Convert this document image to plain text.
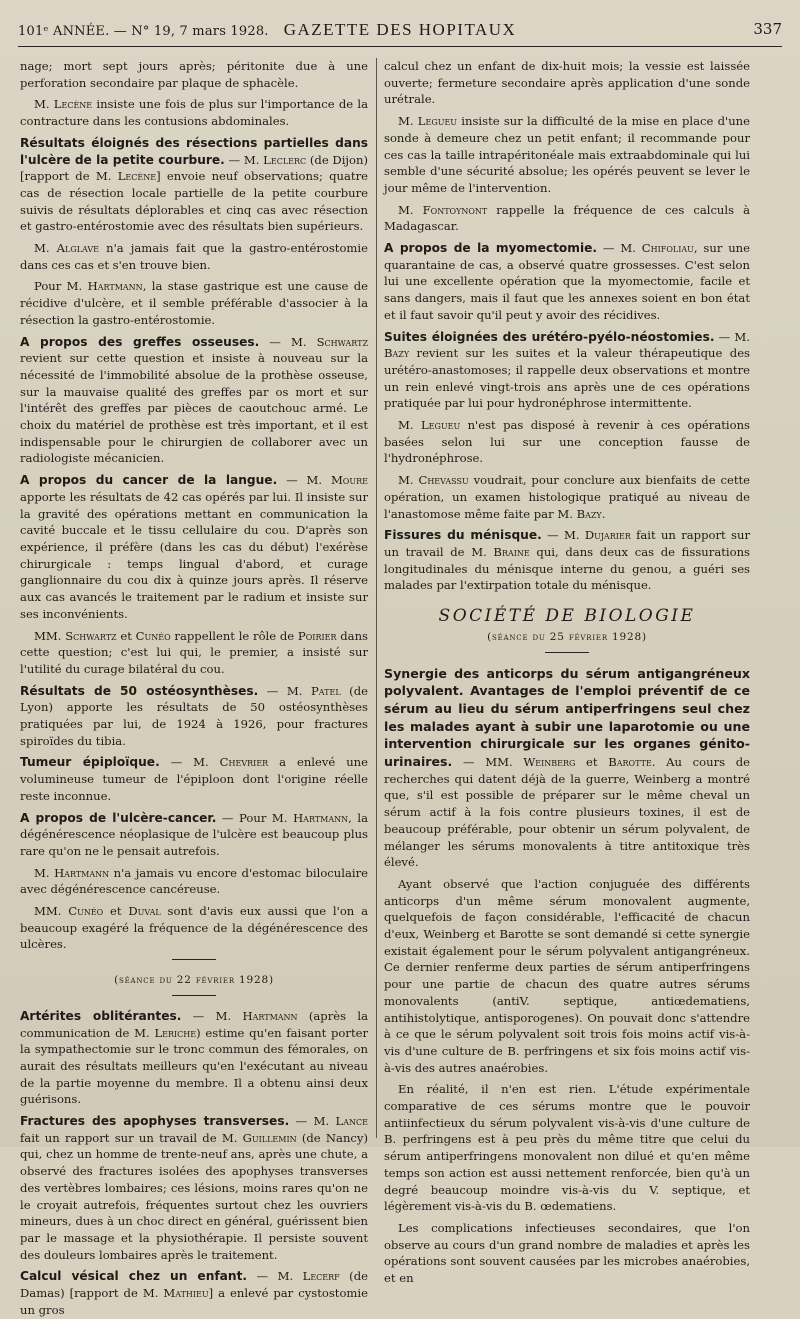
101ᵉ ANNÉE. — N° 19, 7 mars 1928. GAZETTE DES HOPITAUX	337

nage; mort sept jours après; péritonite due à une perforation secondaire par plaque de sphacèle.

M. Lecène insiste une fois de plus sur l'importance de la contracture dans les contusions abdominales.

Résultats éloignés des résections partielles dans l'ulcère de la petite courbure. — M. Leclerc (de Dijon) [rapport de M. Lecène] envoie neuf observations; quatre cas de résection locale partielle de la petite courbure suivis de résultats déplorables et cinq cas avec résection et gastro-entérostomie avec des résultats bien supérieurs.

M. Alglave n'a jamais fait que la gastro-entérostomie dans ces cas et s'en trouve bien.

Pour M. Hartmann, la stase gastrique est une cause de récidive d'ulcère, et il semble préférable d'associer à la résection la gastro-entérostomie.

A propos des greffes osseuses. — M. Schwartz revient sur cette question et insiste à nouveau sur la nécessité de l'immobilité absolue de la prothèse osseuse, sur la mauvaise qualité des greffes par os mort et sur l'intérêt des greffes par pièces de caoutchouc armé. Le choix du matériel de prothèse est très important, et il est indispensable pour le chirurgien de collaborer avec un radiologiste mécanicien.

A propos du cancer de la langue. — M. Moure apporte les résultats de 42 cas opérés par lui. Il insiste sur la gravité des opérations mettant en communication la cavité buccale et le tissu cellulaire du cou. D'après son expérience, il préfère (dans les cas du début) l'exérèse chirurgicale : temps lingual d'abord, et curage ganglionnaire du cou dix à quinze jours après. Il réserve aux cas avancés le traitement par le radium et insiste sur ses inconvénients.

MM. Schwartz et Cunéo rappellent le rôle de Poirier dans cette question; c'est lui qui, le premier, a insisté sur l'utilité du curage bilatéral du cou.

Résultats de 50 ostéosynthèses. — M. Patel (de Lyon) apporte les résultats de 50 ostéosynthèses pratiquées par lui, de 1924 à 1926, pour fractures spiroïdes du tibia.

Tumeur épiploïque. — M. Chevrier a enlevé une volumineuse tumeur de l'épiploon dont l'origine réelle reste inconnue.

A propos de l'ulcère-cancer. — Pour M. Hartmann, la dégénérescence néoplasique de l'ulcère est beaucoup plus rare qu'on ne le pensait autrefois.

M. Hartmann n'a jamais vu encore d'estomac biloculaire avec dégénérescence cancéreuse.

MM. Cunéo et Duval sont d'avis eux aussi que l'on a beaucoup exagéré la fréquence de la dégénérescence des ulcères.

(séance du 22 février 1928)

Artérites oblitérantes. — M. Hartmann (après la communication de M. Leriche) estime qu'en faisant porter la sympathectomie sur le tronc commun des fémorales, on aurait des résultats meilleurs qu'en l'exécutant au niveau de la partie moyenne du membre. Il a obtenu ainsi deux guérisons.

Fractures des apophyses transverses. — M. Lance fait un rapport sur un travail de M. Guillemin (de Nancy) qui, chez un homme de trente-neuf ans, après une chute, a observé des fractures isolées des apophyses transverses des vertèbres lombaires; ces lésions, moins rares qu'on ne le croyait autrefois, fréquentes surtout chez les ouvriers mineurs, dues à un choc direct en général, guérissent bien par le massage et la physiothérapie. Il persiste souvent des douleurs lombaires après le traitement.

Calcul vésical chez un enfant. — M. Lecerf (de Damas) [rapport de M. Mathieu] a enlevé par cystostomie un gros

calcul chez un enfant de dix-huit mois; la vessie est laissée ouverte; fermeture secondaire après application d'une sonde urétrale.

M. Legueu insiste sur la difficulté de la mise en place d'une sonde à demeure chez un petit enfant; il recommande pour ces cas la taille intrapéritonéale mais extraabdominale qui lui semble d'une sécurité absolue; les opérés peuvent se lever le jour même de l'intervention.

M. Fontoynont rappelle la fréquence de ces calculs à Madagascar.

A propos de la myomectomie. — M. Chifoliau, sur une quarantaine de cas, a observé quatre grossesses. C'est selon lui une excellente opération que la myomectomie, facile et sans dangers, mais il faut que les annexes soient en bon état et il faut savoir qu'il peut y avoir des récidives.

Suites éloignées des urétéro-pyélo-néostomies. — M. Bazy revient sur les suites et la valeur thérapeutique des urétéro-anastomoses; il rappelle deux observations et montre un rein enlevé vingt-trois ans après une de ces opérations pratiquée par lui pour hydronéphrose intermittente.

M. Legueu n'est pas disposé à revenir à ces opérations basées selon lui sur une conception fausse de l'hydronéphrose.

M. Chevassu voudrait, pour conclure aux bienfaits de cette opération, un examen histologique pratiqué au niveau de l'anastomose même faite par M. Bazy.

Fissures du ménisque. — M. Dujarier fait un rapport sur un travail de M. Braine qui, dans deux cas de fissurations longitudinales du ménisque interne du genou, a guéri ses malades par l'extirpation totale du ménisque.

SOCIÉTÉ DE BIOLOGIE

(séance du 25 février 1928)

Synergie des anticorps du sérum antigangréneux polyvalent. Avantages de l'emploi préventif de ce sérum au lieu du sérum antiperfringens seul chez les malades ayant à subir une laparotomie ou une intervention chirurgicale sur les organes génito-urinaires. — MM. Weinberg et Barotte. Au cours de recherches qui datent déjà de la guerre, Weinberg a montré que, s'il est possible de préparer sur le même cheval un sérum actif à la fois contre plusieurs toxines, il est de beaucoup préférable, pour obtenir un sérum polyvalent, de mélanger les sérums monovalents à titre antitoxique très élevé.

Ayant observé que l'action conjuguée des différents anticorps d'un même sérum monovalent augmente, quelquefois de façon considérable, l'efficacité de chacun d'eux, Weinberg et Barotte se sont demandé si cette synergie existait également pour le sérum polyvalent antigangréneux. Ce dernier renferme deux parties de sérum antiperfringens pour une partie de chacun des quatre autres sérums monovalents (antiV. septique, antiœdematiens, antihistolytique, antisporogenes). On pouvait donc s'attendre à ce que le sérum polyvalent soit trois fois moins actif vis-à-vis d'une culture de B. perfringens et six fois moins actif vis-à-vis des autres anaérobies.

En réalité, il n'en est rien. L'étude expérimentale comparative de ces sérums montre que le pouvoir antiinfectieux du sérum polyvalent vis-à-vis d'une culture de B. perfringens est à peu près du même titre que celui du sérum antiperfringens monovalent non dilué et qu'en même temps son action est aussi nettement renforcée, bien qu'à un degré beaucoup moindre vis-à-vis du V. septique, et légèrement vis-à-vis du B. œdematiens.

Les complications infectieuses secondaires, que l'on observe au cours d'un grand nombre de maladies et après les opérations sont souvent causées par les microbes anaérobies, et en
